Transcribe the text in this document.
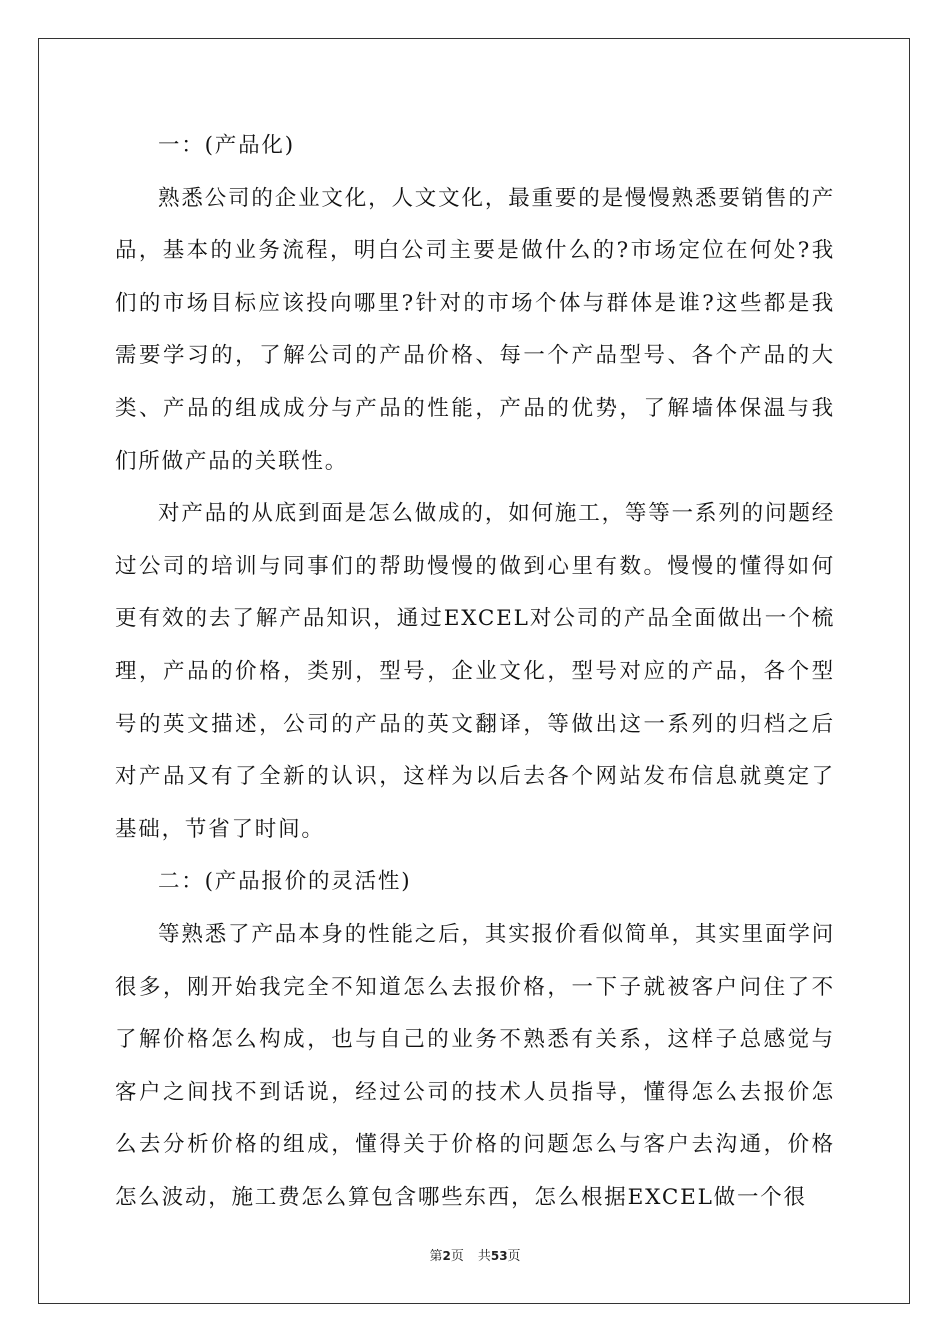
一：(产品化)

熟悉公司的企业文化，人文文化，最重要的是慢慢熟悉要销售的产品，基本的业务流程，明白公司主要是做什么的?市场定位在何处?我们的市场目标应该投向哪里?针对的市场个体与群体是谁?这些都是我需要学习的，了解公司的产品价格、每一个产品型号、各个产品的大类、产品的组成成分与产品的性能，产品的优势，了解墙体保温与我们所做产品的关联性。

对产品的从底到面是怎么做成的，如何施工，等等一系列的问题经过公司的培训与同事们的帮助慢慢的做到心里有数。慢慢的懂得如何更有效的去了解产品知识，通过EXCEL对公司的产品全面做出一个梳理，产品的价格，类别，型号，企业文化，型号对应的产品，各个型号的英文描述，公司的产品的英文翻译，等做出这一系列的归档之后对产品又有了全新的认识，这样为以后去各个网站发布信息就奠定了基础，节省了时间。

二：(产品报价的灵活性)

等熟悉了产品本身的性能之后，其实报价看似简单，其实里面学问很多，刚开始我完全不知道怎么去报价格，一下子就被客户问住了不了解价格怎么构成，也与自己的业务不熟悉有关系，这样子总感觉与客户之间找不到话说，经过公司的技术人员指导，懂得怎么去报价怎么去分析价格的组成，懂得关于价格的问题怎么与客户去沟通，价格怎么波动，施工费怎么算包含哪些东西，怎么根据EXCEL做一个很

第2页 共53页
